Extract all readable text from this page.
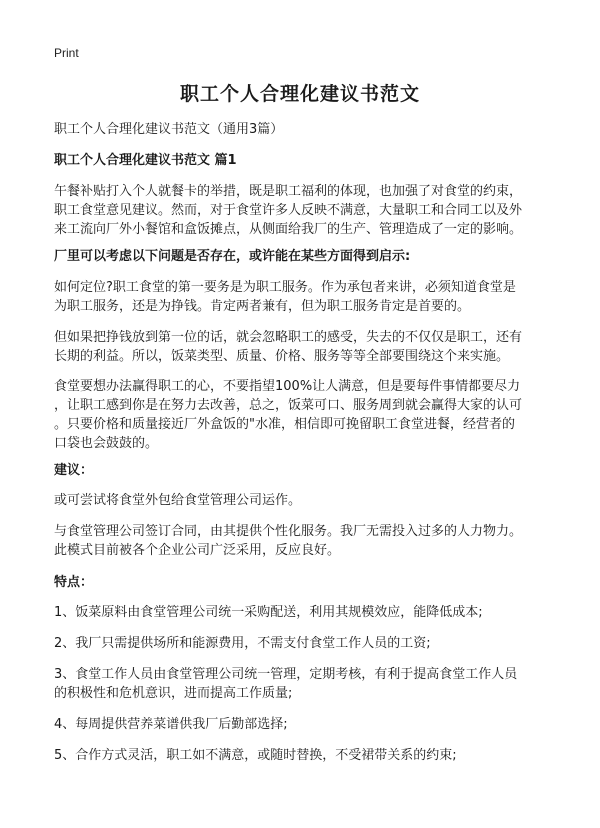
Print
职工个人合理化建议书范文
职工个人合理化建议书范文（通用3篇）
职工个人合理化建议书范文 篇1
午餐补贴打入个人就餐卡的举措，既是职工福利的体现，也加强了对食堂的约束，
职工食堂意见建议。然而，对于食堂许多人反映不满意，大量职工和合同工以及外
来工流向厂外小餐馆和盒饭摊点，从侧面给我厂的生产、管理造成了一定的影响。
厂里可以考虑以下问题是否存在，或许能在某些方面得到启示:
如何定位?职工食堂的第一要务是为职工服务。作为承包者来讲，必须知道食堂是
为职工服务，还是为挣钱。肯定两者兼有，但为职工服务肯定是首要的。
但如果把挣钱放到第一位的话，就会忽略职工的感受，失去的不仅仅是职工，还有
长期的利益。所以，饭菜类型、质量、价格、服务等等全部要围绕这个来实施。
食堂要想办法赢得职工的心，不要指望100%让人满意，但是要每件事情都要尽力
，让职工感到你是在努力去改善，总之，饭菜可口、服务周到就会赢得大家的认可
。只要价格和质量接近厂外盒饭的"水准，相信即可挽留职工食堂进餐，经营者的
口袋也会鼓鼓的。
建议：
或可尝试将食堂外包给食堂管理公司运作。
与食堂管理公司签订合同，由其提供个性化服务。我厂无需投入过多的人力物力。
此模式目前被各个企业公司广泛采用，反应良好。
特点：
1、饭菜原料由食堂管理公司统一采购配送，利用其规模效应，能降低成本;
2、我厂只需提供场所和能源费用，不需支付食堂工作人员的工资;
3、食堂工作人员由食堂管理公司统一管理，定期考核，有利于提高食堂工作人员
的积极性和危机意识，进而提高工作质量;
4、每周提供营养菜谱供我厂后勤部选择;
5、合作方式灵活，职工如不满意，或随时替换，不受裙带关系的约束;
